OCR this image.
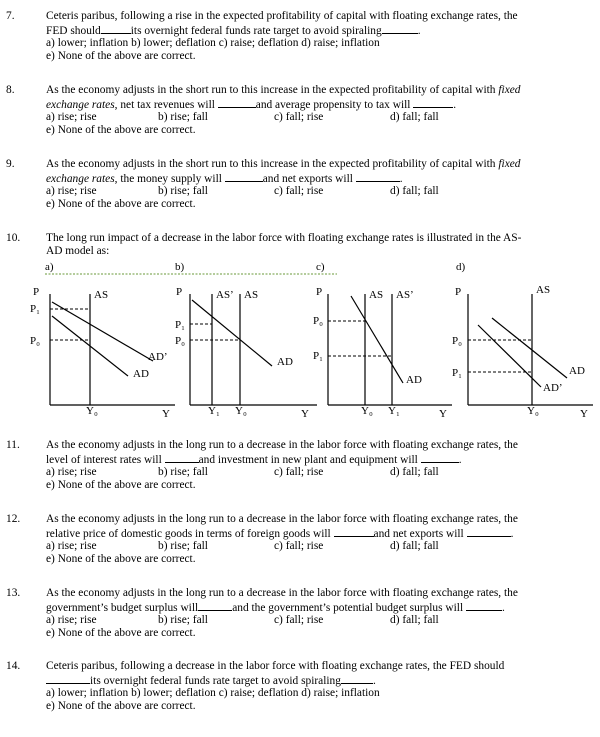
7.	Ceteris paribus, following a rise in the expected profitability of capital with floating exchange rates, the
FED should	its overnight federal funds rate target to avoid spiraling	.
a) lower; inflation b) lower; deflation c) raise; deflation d) raise; inflation
e) None of the above are correct.
8.	As the economy adjusts in the short run to this increase in the expected profitability of capital with fixed
exchange rates, net tax revenues will	and average propensity to tax will	.
a) rise; rise	b) rise; fall	c) fall; rise	d) fall; fall
e) None of the above are correct.
9.	As the economy adjusts in the short run to this increase in the expected profitability of capital with fixed
exchange rates, the money supply will	and net exports will	.
a) rise; rise	b) rise; fall	c) fall; rise	d) fall; fall
e) None of the above are correct.
10. The long run impact of a decrease in the labor force with floating exchange rates is illustrated in the AS-
AD model as:
a)	b)	c)	d)
P
P₁
P₀
AS
AD’
AD
Y₀	Y
P
P₁
P₀
AS’ AS
AD
Y₁ Y₀	Y
P
P₀
P₁
AS AS’
AD
Y₀ Y₁	Y
P
P₀
P₁
AS
AD
AD’
Y₀	Y
11. As the economy adjusts in the long run to a decrease in the labor force with floating exchange rates, the
level of interest rates will	and investment in new plant and equipment will	.
a) rise; rise	b) rise; fall	c) fall; rise	d) fall; fall
e) None of the above are correct.
12. As the economy adjusts in the long run to a decrease in the labor force with floating exchange rates, the
relative price of domestic goods in terms of foreign goods will	and net exports will	.
a) rise; rise	b) rise; fall	c) fall; rise	d) fall; fall
e) None of the above are correct.
13. As the economy adjusts in the long run to a decrease in the labor force with floating exchange rates, the
government’s budget surplus will	and the government’s potential budget surplus will	.
a) rise; rise	b) rise; fall	c) fall; rise	d) fall; fall
e) None of the above are correct.
14. Ceteris paribus, following a decrease in the labor force with floating exchange rates, the FED should
its overnight federal funds rate target to avoid spiraling	.
a) lower; inflation b) lower; deflation c) raise; deflation d) raise; inflation
e) None of the above are correct.
